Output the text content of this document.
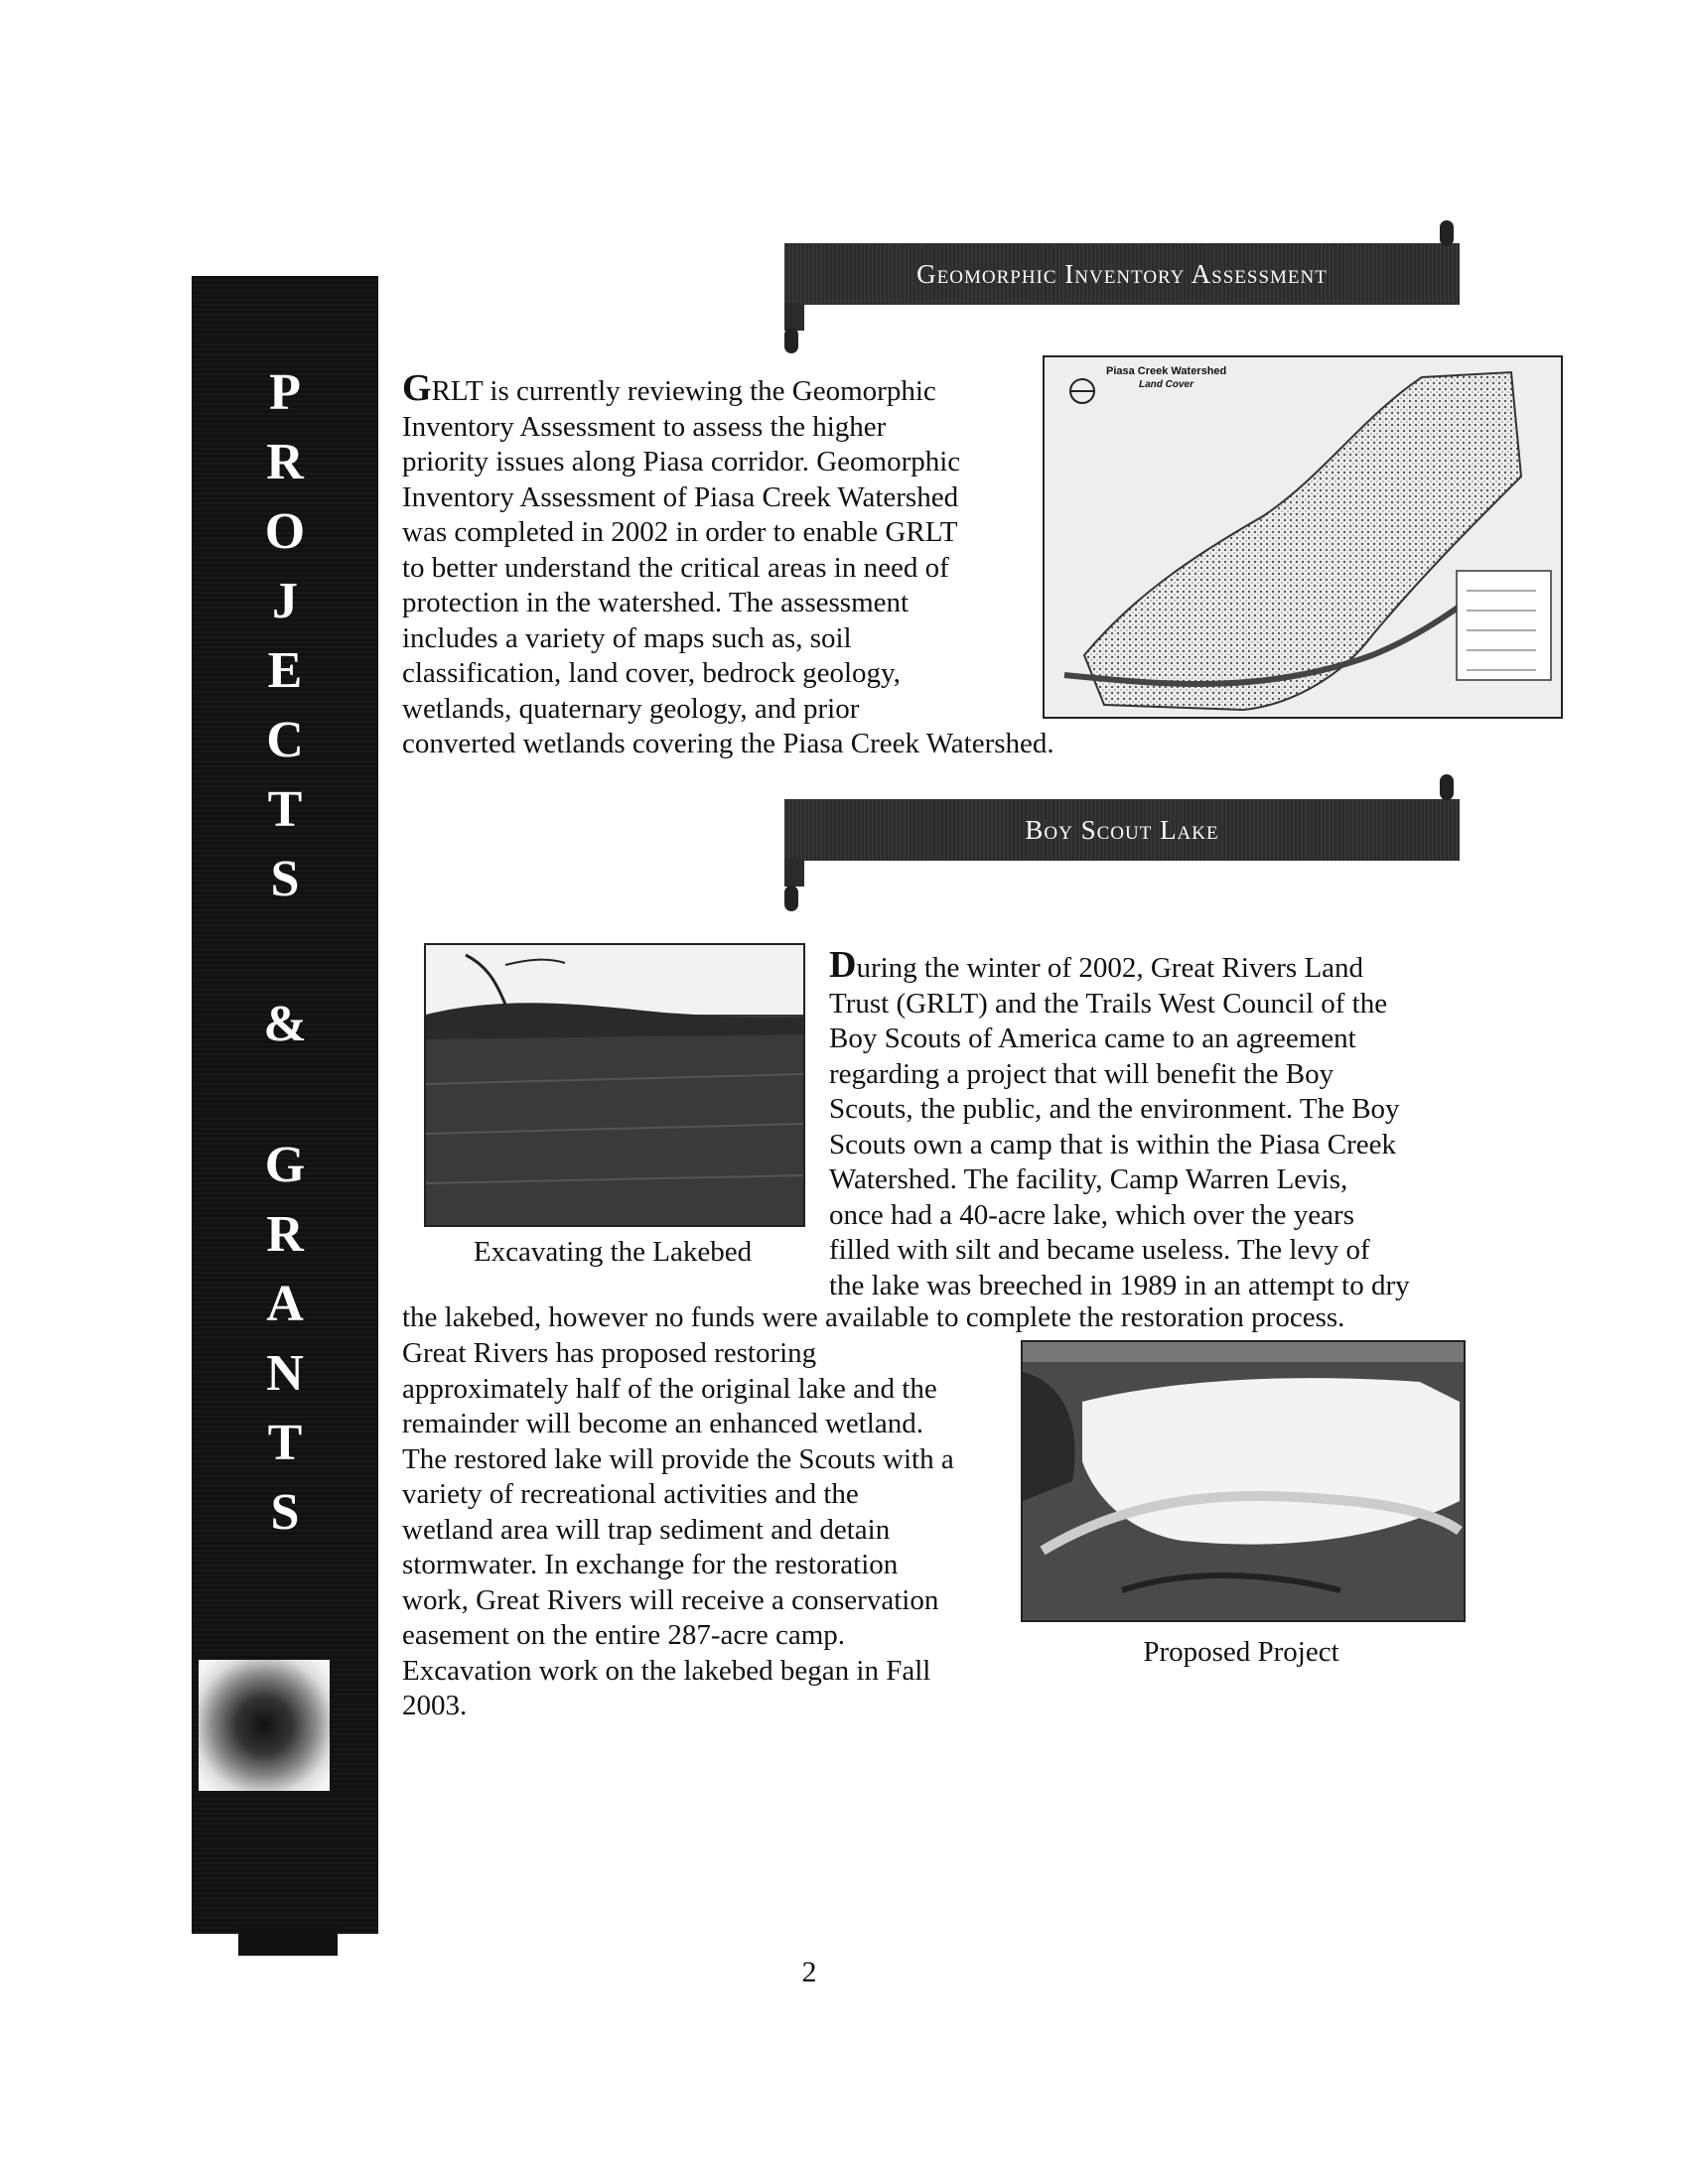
P
R
O
J
E
C
T
S
&
G
R
A
N
T
S
Geomorphic Inventory Assessment
GRLT is currently reviewing the Geomorphic
Inventory Assessment to assess the higher
priority issues along Piasa corridor. Geomorphic
Inventory Assessment of Piasa Creek Watershed
was completed in 2002 in order to enable GRLT
to better understand the critical areas in need of
protection in the watershed. The assessment
includes a variety of maps such as, soil
classification, land cover, bedrock geology,
wetlands, quaternary geology, and prior
converted wetlands covering the Piasa Creek Watershed.
Piasa Creek Watershed
Land Cover
Boy Scout Lake
Excavating the Lakebed
During the winter of 2002, Great Rivers Land
Trust (GRLT) and the Trails West Council of the
Boy Scouts of America came to an agreement
regarding a project that will benefit the Boy
Scouts, the public, and the environment. The Boy
Scouts own a camp that is within the Piasa Creek
Watershed. The facility, Camp Warren Levis,
once had a 40-acre lake, which over the years
filled with silt and became useless. The levy of
the lake was breeched in 1989 in an attempt to dry
the lakebed, however no funds were available to complete the restoration process.
Great Rivers has proposed restoring
approximately half of the original lake and the
remainder will become an enhanced wetland.
The restored lake will provide the Scouts with a
variety of recreational activities and the
wetland area will trap sediment and detain
stormwater. In exchange for the restoration
work, Great Rivers will receive a conservation
easement on the entire 287-acre camp.
Excavation work on the lakebed began in Fall
2003.
Proposed Project
2
